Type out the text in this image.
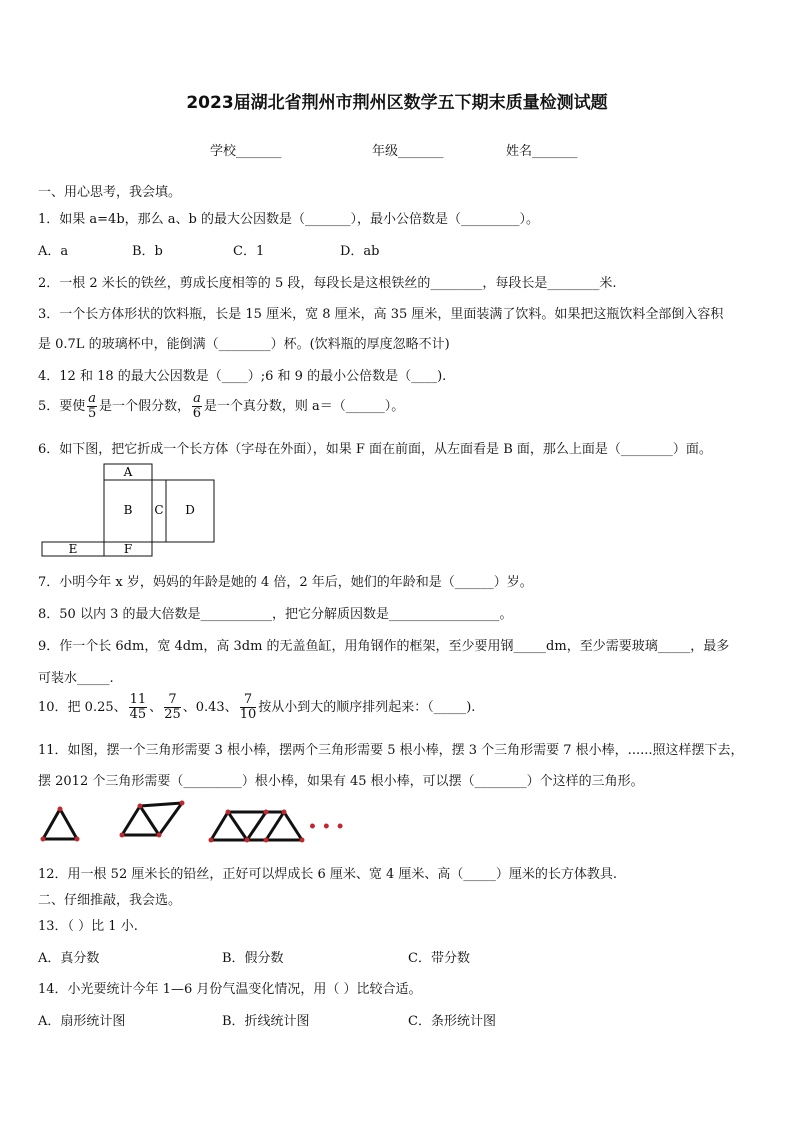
2023届湖北省荆州市荆州区数学五下期末质量检测试题
学校_______	年级_______	姓名_______
一、用心思考，我会填。
1．如果 a=4b，那么 a、b 的最大公因数是（_______），最小公倍数是（_________）。
A．a	B．b	C．1	D．ab
2．一根 2 米长的铁丝，剪成长度相等的 5 段，每段长是这根铁丝的________，每段长是________米.
3．一个长方体形状的饮料瓶，长是 15 厘米，宽 8 厘米，高 35 厘米，里面装满了饮料。如果把这瓶饮料全部倒入容积
是 0.7L 的玻璃杯中，能倒满（________）杯。(饮料瓶的厚度忽略不计)
4．12 和 18 的最大公因数是（____）;6 和 9 的最小公倍数是（____).
5．要使 $\frac{a}{5}$ 是一个假分数， $\frac{a}{6}$ 是一个真分数，则 a＝（______）。
6．如下图，把它折成一个长方体（字母在外面），如果 F 面在前面，从左面看是 B 面，那么上面是（________）面。
A
B C D
E	F
7．小明今年 x 岁，妈妈的年龄是她的 4 倍，2 年后，她们的年龄和是（______）岁。
8．50 以内 3 的最大倍数是___________，把它分解质因数是_________________。
9．作一个长 6dm，宽 4dm，高 3dm 的无盖鱼缸，用角钢作的框架，至少要用钢_____dm，至少需要玻璃_____，最多
可装水_____.
10．把 0.25、 $\frac{11}{45}$ 、 $\frac{7}{25}$ 、0.43、 $\frac{7}{10}$ 按从小到大的顺序排列起来：（_____).
11．如图，摆一个三角形需要 3 根小棒，摆两个三角形需要 5 根小棒，摆 3 个三角形需要 7 根小棒，......照这样摆下去，
摆 2012 个三角形需要（_________）根小棒，如果有 45 根小棒，可以摆（________）个这样的三角形。
• • •
12．用一根 52 厘米长的铅丝，正好可以焊成长 6 厘米、宽 4 厘米、高（_____）厘米的长方体教具.
二、仔细推敲，我会选。
13．（ ）比 1 小.
A．真分数	B．假分数	C．带分数
14．小光要统计今年 1—6 月份气温变化情况，用（ ）比较合适。
A．扇形统计图	B．折线统计图	C．条形统计图
